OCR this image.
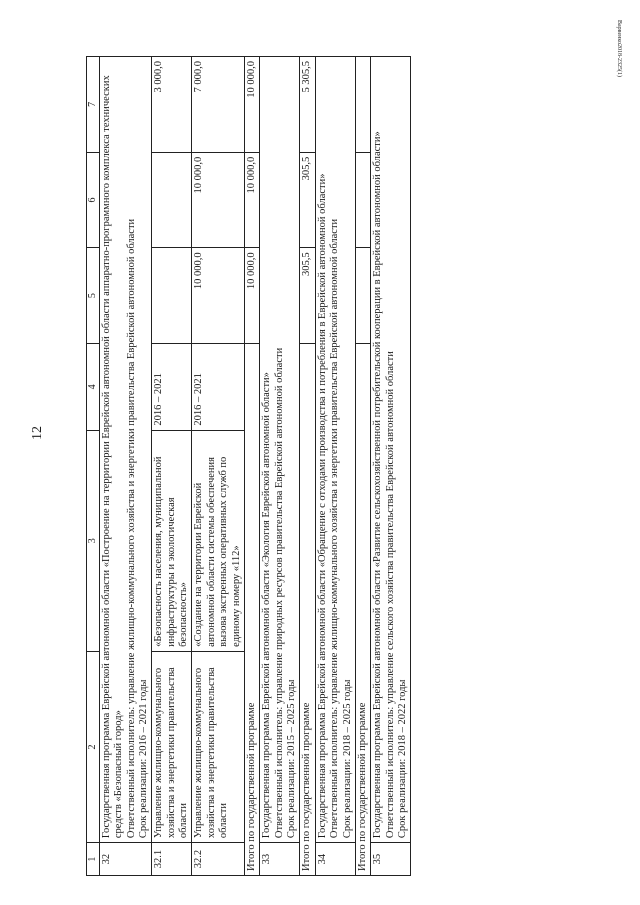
12
Варвенко2018-2325(1)
1	2	3	4	5	6	7
32	Государственная программа Еврейской автономной области «Построение на территории Еврейской автономной области аппаратно-программного комплекса технических средств «Безопасный город» Ответственный исполнитель: управление жилищно-коммунального хозяйства и энергетики правительства Еврейской автономной области Срок реализации: 2016 – 2021 годы					

32.1	Управление жилищно-коммунального хозяйства и энергетики правительства области	«Безопасность населения, муниципальной инфраструктуры и экологическая безопасность»	2016 – 2021			3 000,0
32.2	Управление жилищно-коммунального хозяйства и энергетики правительства области	«Создание на территории Еврейской автономной области системы обеспечения вызова экстренных оперативных служб по единому номеру «112»	2016 – 2021	10 000,0	10 000,0	7 000,0
Итого по государственной программе				10 000,0	10 000,0	10 000,0
33	Государственная программа Еврейской автономной области «Экология Еврейской автономной области» Ответственный исполнитель: управление природных ресурсов правительства Еврейской автономной области Срок реализации: 2015 – 2025 годы					

Итого по государственной программе				305,5	305,5	5 305,5
34	Государственная программа Еврейской автономной области «Обращение с отходами производства и потребления в Еврейской автономной области» Ответственный исполнитель: управление жилищно-коммунального хозяйства и энергетики правительства Еврейской автономной области Срок реализации: 2018 – 2025 годы					

Итого по государственной программе						
35	Государственная программа Еврейской автономной области «Развитие сельскохозяйственной потребительской кооперации в Еврейской автономной области» Ответственный исполнитель: управление сельского хозяйства правительства Еврейской автономной области Срок реализации: 2018 – 2022 годы					
